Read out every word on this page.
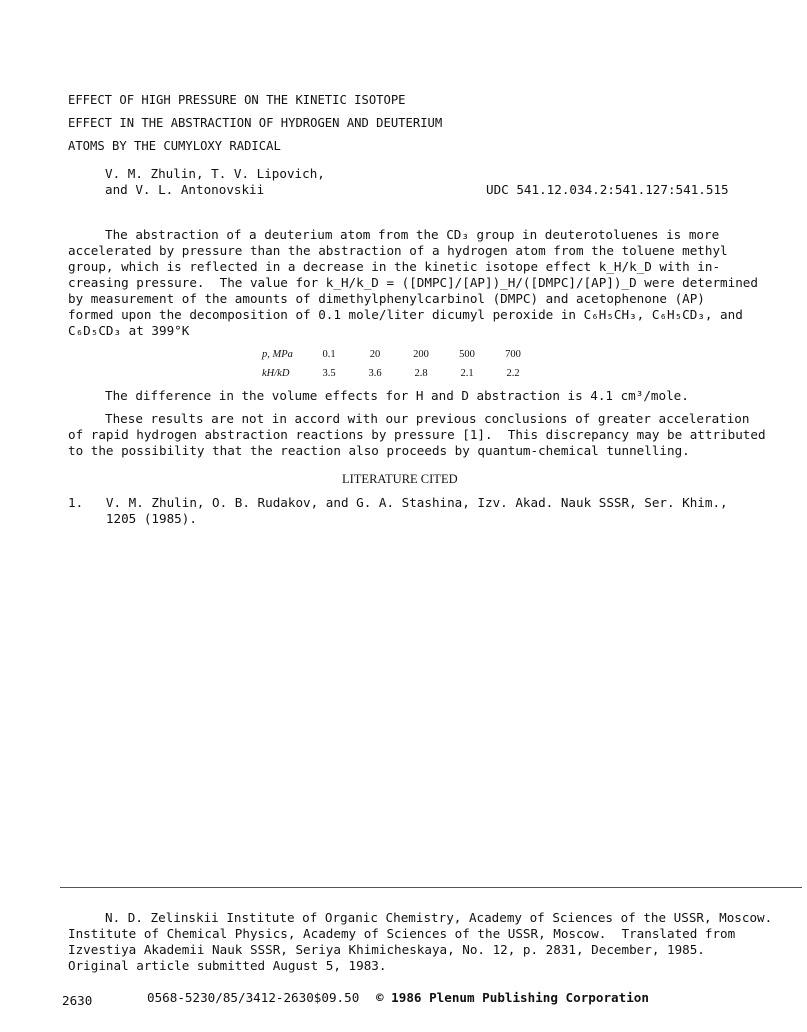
EFFECT OF HIGH PRESSURE ON THE KINETIC ISOTOPE
EFFECT IN THE ABSTRACTION OF HYDROGEN AND DEUTERIUM
ATOMS BY THE CUMYLOXY RADICAL
V. M. Zhulin, T. V. Lipovich,
and V. L. Antonovskii	UDC 541.12.034.2:541.127:541.515
The abstraction of a deuterium atom from the CD₃ group in deuterotoluenes is more
accelerated by pressure than the abstraction of a hydrogen atom from the toluene methyl
group, which is reflected in a decrease in the kinetic isotope effect k_H/k_D with in-
creasing pressure.  The value for k_H/k_D = ([DMPC]/[AP])_H/([DMPC]/[AP])_D were determined
by measurement of the amounts of dimethylphenylcarbinol (DMPC) and acetophenone (AP)
formed upon the decomposition of 0.1 mole/liter dicumyl peroxide in C₆H₅CH₃, C₆H₅CD₃, and
C₆D₅CD₃ at 399°K
p, MPa	0.1	20	200	500	700
kH/kD	3.5	3.6	2.8	2.1	2.2
The difference in the volume effects for H and D abstraction is 4.1 cm³/mole.
These results are not in accord with our previous conclusions of greater acceleration
of rapid hydrogen abstraction reactions by pressure [1].  This discrepancy may be attributed
to the possibility that the reaction also proceeds by quantum-chemical tunnelling.
LITERATURE CITED
1.   V. M. Zhulin, O. B. Rudakov, and G. A. Stashina, Izv. Akad. Nauk SSSR, Ser. Khim.,
1205 (1985).
N. D. Zelinskii Institute of Organic Chemistry, Academy of Sciences of the USSR, Moscow.
Institute of Chemical Physics, Academy of Sciences of the USSR, Moscow.  Translated from
Izvestiya Akademii Nauk SSSR, Seriya Khimicheskaya, No. 12, p. 2831, December, 1985.
Original article submitted August 5, 1983.
2630	0568-5230/85/3412-2630$09.50 © 1986 Plenum Publishing Corporation
